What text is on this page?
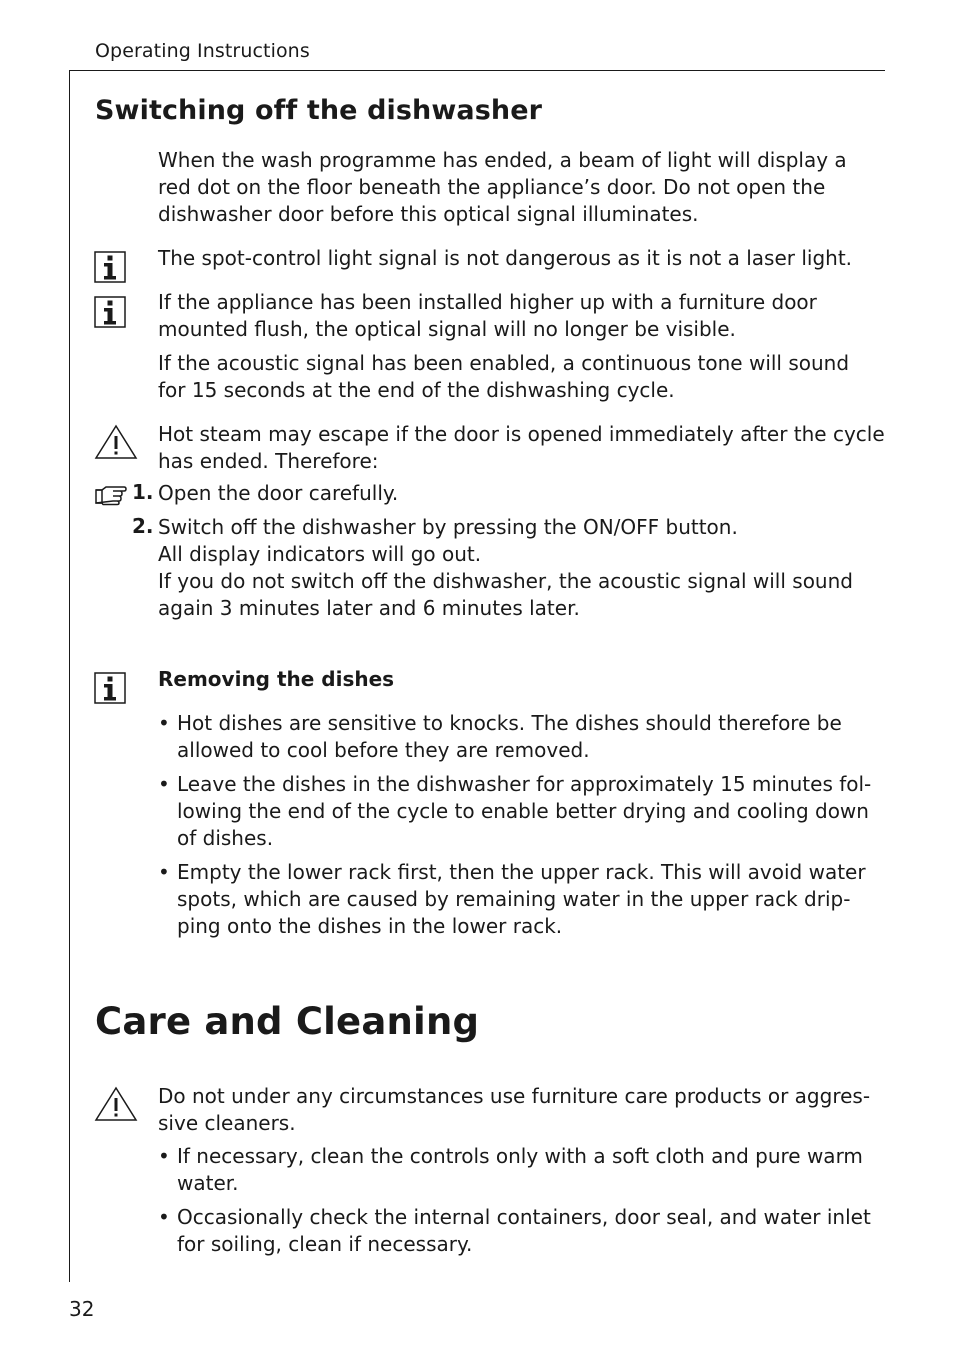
Operating Instructions
Switching off the dishwasher
When the wash programme has ended, a beam of light will display a
red dot on the floor beneath the appliance’s door. Do not open the
dishwasher door before this optical signal illuminates.
The spot-control light signal is not dangerous as it is not a laser light.
If the appliance has been installed higher up with a furniture door
mounted flush, the optical signal will no longer be visible.
If the acoustic signal has been enabled, a continuous tone will sound
for 15 seconds at the end of the dishwashing cycle.
Hot steam may escape if the door is opened immediately after the cycle
has ended. Therefore:
1. Open the door carefully.
2. Switch off the dishwasher by pressing the ON/OFF button.
All display indicators will go out.
If you do not switch off the dishwasher, the acoustic signal will sound
again 3 minutes later and 6 minutes later.
Removing the dishes
• Hot dishes are sensitive to knocks. The dishes should therefore be
allowed to cool before they are removed.
• Leave the dishes in the dishwasher for approximately 15 minutes fol-
lowing the end of the cycle to enable better drying and cooling down
of dishes.
• Empty the lower rack first, then the upper rack. This will avoid water
spots, which are caused by remaining water in the upper rack drip-
ping onto the dishes in the lower rack.
Care and Cleaning
Do not under any circumstances use furniture care products or aggres-
sive cleaners.
• If necessary, clean the controls only with a soft cloth and pure warm
water.
• Occasionally check the internal containers, door seal, and water inlet
for soiling, clean if necessary.
32
